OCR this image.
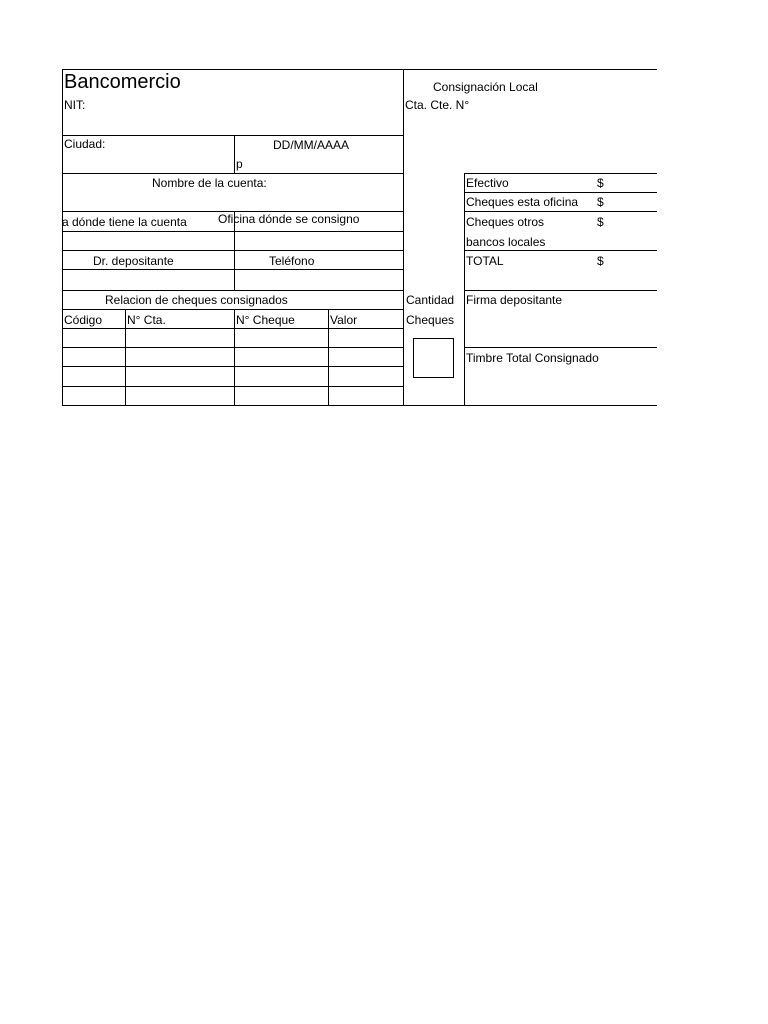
Bancomercio
NIT:
Consignación Local
Cta. Cte. N°
Ciudad:	DD/MM/AAAA
p
Nombre de la cuenta:
a dónde tiene la cuenta	Oficina dónde se consigno
Dr. depositante	Teléfono
Relacion de cheques consignados
Código N° Cta.	N° Cheque	Valor
Cantidad
Cheques
Efectivo	$
Cheques esta oficina $
Cheques otros
bancos locales
$
TOTAL	$
Firma depositante
Timbre Total Consignado
